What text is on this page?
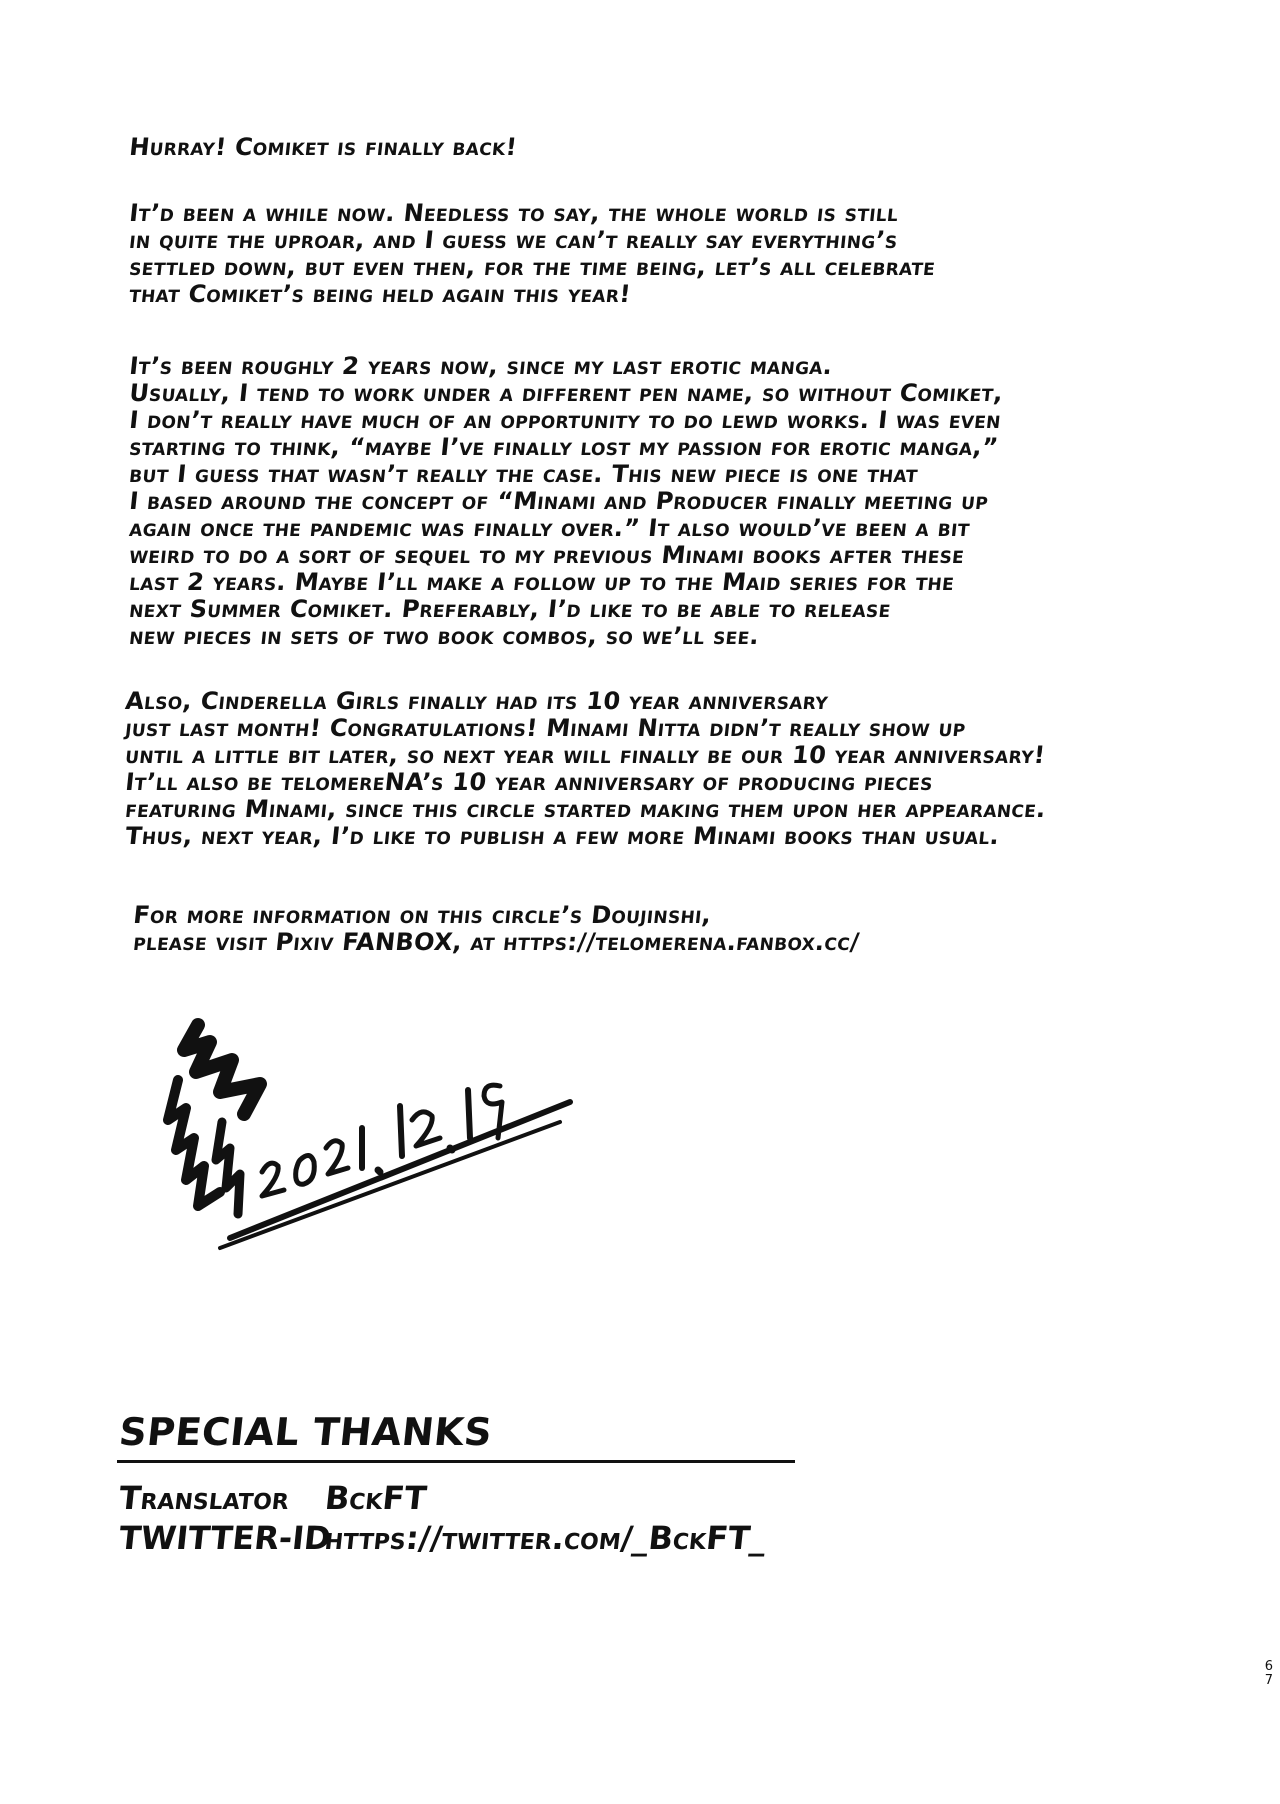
Hurray! Comiket is finally back!

It’d been a while now. Needless to say, the whole world is still
in quite the uproar, and I guess we can’t really say everything’s
settled down, but even then, for the time being, let’s all celebrate
that Comiket’s being held again this year!

It’s been roughly 2 years now, since my last erotic manga.
Usually, I tend to work under a different pen name, so without Comiket,
I don’t really have much of an opportunity to do lewd works. I was even
starting to think, “maybe I’ve finally lost my passion for erotic manga,”
but I guess that wasn’t really the case. This new piece is one that
I based around the concept of “Minami and Producer finally meeting up
again once the pandemic was finally over.” It also would’ve been a bit
weird to do a sort of sequel to my previous Minami books after these
last 2 years. Maybe I’ll make a follow up to the Maid series for the
next Summer Comiket. Preferably, I’d like to be able to release
new pieces in sets of two book combos, so we’ll see.

Also, Cinderella Girls finally had its 10 year anniversary
just last month! Congratulations! Minami Nitta didn’t really show up
until a little bit later, so next year will finally be our 10 year anniversary!
It’ll also be telomereNA’s 10 year anniversary of producing pieces
featuring Minami, since this circle started making them upon her appearance.
Thus, next year, I’d like to publish a few more Minami books than usual.

For more information on this circle’s Doujinshi,
please visit Pixiv FANBOX, at https://telomerena.fanbox.cc/

2021.12.19
SPECIAL THANKS
Translator BckFT
TWITTER-ID
https://twitter.com/_BckFT_
6
7
